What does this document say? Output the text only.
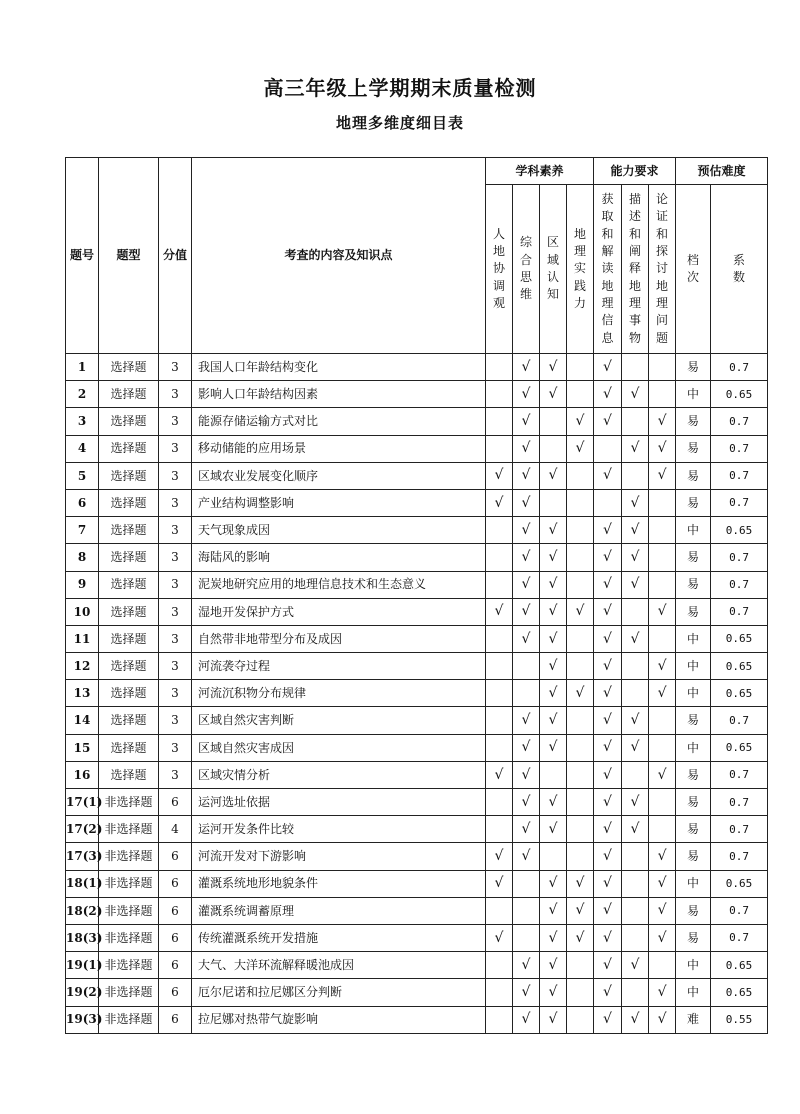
高三年级上学期期末质量检测
地理多维度细目表
题号	题型	分值	考查的内容及知识点	学科素养				能力要求			预估难度	
				人地协调观	综合思维	区域认知	地理实践力	获取和解读地理信息	描述和阐释地理事物	论证和探讨地理问题	档次	系数
1	选择题	3	我国人口年龄结构变化		√	√		√			易	0.7
2	选择题	3	影响人口年龄结构因素		√	√		√	√		中	0.65
3	选择题	3	能源存储运输方式对比		√		√	√		√	易	0.7
4	选择题	3	移动储能的应用场景		√		√		√	√	易	0.7
5	选择题	3	区域农业发展变化顺序	√	√	√		√		√	易	0.7
6	选择题	3	产业结构调整影响	√	√				√		易	0.7
7	选择题	3	天气现象成因		√	√		√	√		中	0.65
8	选择题	3	海陆风的影响		√	√		√	√		易	0.7
9	选择题	3	泥炭地研究应用的地理信息技术和生态意义		√	√		√	√		易	0.7
10	选择题	3	湿地开发保护方式	√	√	√	√	√		√	易	0.7
11	选择题	3	自然带非地带型分布及成因		√	√		√	√		中	0.65
12	选择题	3	河流袭夺过程			√		√		√	中	0.65
13	选择题	3	河流沉积物分布规律			√	√	√		√	中	0.65
14	选择题	3	区域自然灾害判断		√	√		√	√		易	0.7
15	选择题	3	区域自然灾害成因		√	√		√	√		中	0.65
16	选择题	3	区域灾情分析	√	√			√		√	易	0.7
17(1)	非选择题	6	运河选址依据		√	√		√	√		易	0.7
17(2)	非选择题	4	运河开发条件比较		√	√		√	√		易	0.7
17(3)	非选择题	6	河流开发对下游影响	√	√			√		√	易	0.7
18(1)	非选择题	6	灌溉系统地形地貌条件	√		√	√	√		√	中	0.65
18(2)	非选择题	6	灌溉系统调蓄原理			√	√	√		√	易	0.7
18(3)	非选择题	6	传统灌溉系统开发措施	√		√	√	√		√	易	0.7
19(1)	非选择题	6	大气、大洋环流解释暖池成因		√	√		√	√		中	0.65
19(2)	非选择题	6	厄尔尼诺和拉尼娜区分判断		√	√		√		√	中	0.65
19(3)	非选择题	6	拉尼娜对热带气旋影响		√	√		√	√	√	难	0.55
